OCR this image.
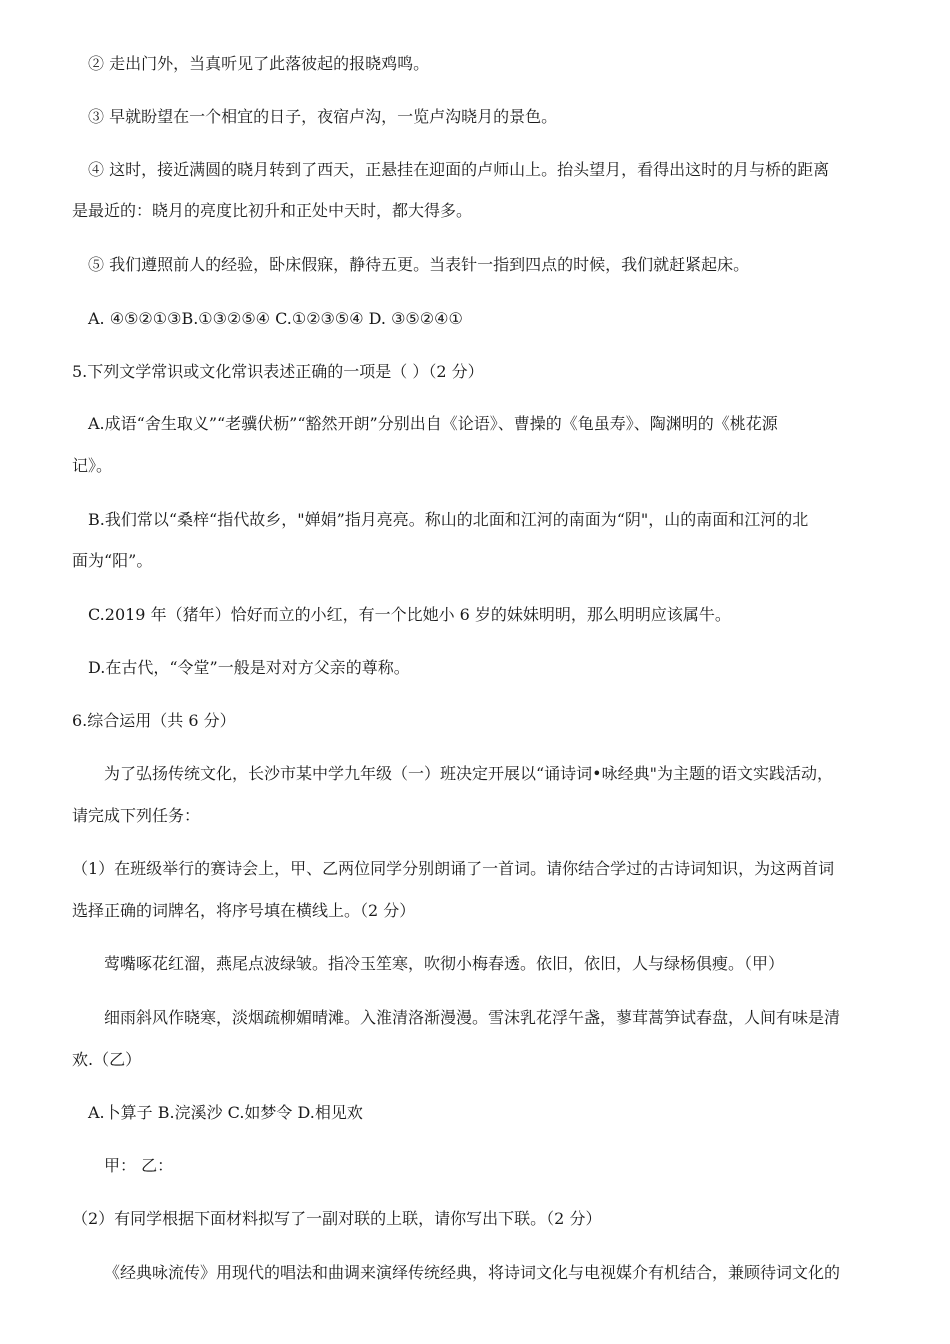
② 走出门外，当真听见了此落彼起的报晓鸡鸣。
③ 早就盼望在一个相宜的日子，夜宿卢沟，一览卢沟晓月的景色。
④ 这时，接近满圆的晓月转到了西天，正悬挂在迎面的卢师山上。抬头望月，看得出这时的月与桥的距离
是最近的：晓月的亮度比初升和正处中天时，都大得多。
⑤ 我们遵照前人的经验，卧床假寐，静待五更。当表针一指到四点的时候，我们就赶紧起床。
A. ④⑤②①③B.①③②⑤④ C.①②③⑤④ D. ③⑤②④①
5.下列文学常识或文化常识表述正确的一项是（ ）（2 分）
A.成语“舍生取义”“老骥伏枥”“豁然开朗”分别出自《论语》、曹操的《龟虽寿》、陶渊明的《桃花源
记》。
B.我们常以“桑梓“指代故乡，"婵娟”指月亮亮。称山的北面和江河的南面为“阴"，山的南面和江河的北
面为“阳”。
C.2019 年（猪年）恰好而立的小红，有一个比她小 6 岁的妹妹明明，那么明明应该属牛。
D.在古代，“令堂”一般是对对方父亲的尊称。
6.综合运用（共 6 分）
为了弘扬传统文化，长沙市某中学九年级（一）班决定开展以“诵诗词•咏经典"为主题的语文实践活动，
请完成下列任务：
（1）在班级举行的赛诗会上，甲、乙两位同学分别朗诵了一首词。请你结合学过的古诗词知识，为这两首词
选择正确的词牌名，将序号填在横线上。（2 分）
莺嘴啄花红溜，燕尾点波绿皱。指冷玉笙寒，吹彻小梅春透。依旧，依旧，人与绿杨俱瘦。（甲）
细雨斜风作晓寒，淡烟疏柳媚晴滩。入淮清洛渐漫漫。雪沫乳花浮午盏，蓼茸蒿笋试春盘，人间有味是清
欢.（乙）
A.卜算子 B.浣溪沙 C.如梦令 D.相见欢
甲： 乙：
（2）有同学根据下面材料拟写了一副对联的上联，请你写出下联。（2 分）
《经典咏流传》用现代的唱法和曲调来演绎传统经典，将诗词文化与电视媒介有机结合，兼顾待词文化的
